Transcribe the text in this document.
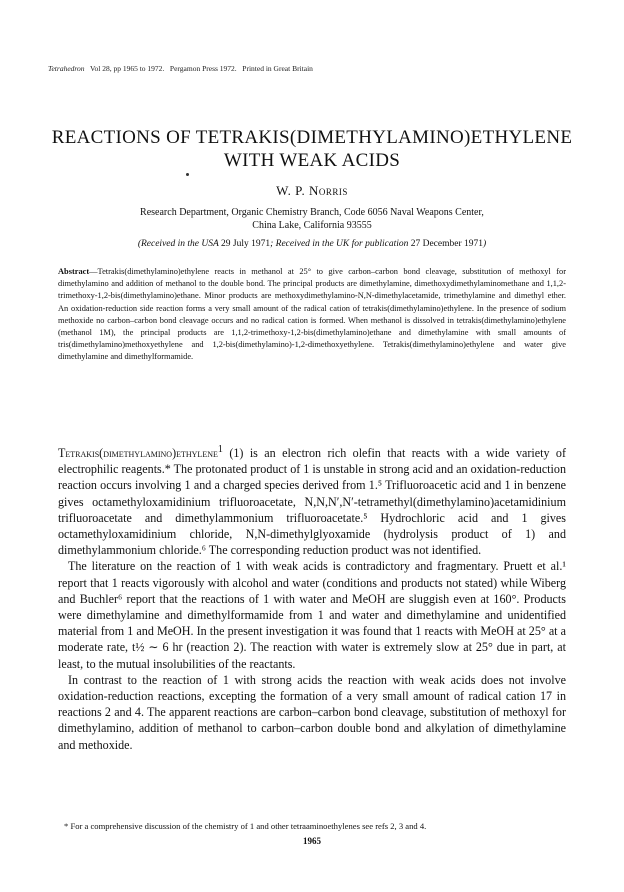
Tetrahedron Vol 28, pp 1965 to 1972. Pergamon Press 1972. Printed in Great Britain
REACTIONS OF TETRAKIS(DIMETHYLAMINO)ETHYLENE
WITH WEAK ACIDS
W. P. Norris
Research Department, Organic Chemistry Branch, Code 6056 Naval Weapons Center,
China Lake, California 93555
(Received in the USA 29 July 1971; Received in the UK for publication 27 December 1971)
Abstract—Tetrakis(dimethylamino)ethylene reacts in methanol at 25° to give carbon–carbon bond cleavage, substitution of methoxyl for dimethylamino and addition of methanol to the double bond. The principal products are dimethylamine, dimethoxydimethylaminomethane and 1,1,2-trimethoxy-1,2-bis(dimethylamino)ethane. Minor products are methoxydimethylamino-N,N-dimethylacetamide, trimethylamine and dimethyl ether. An oxidation-reduction side reaction forms a very small amount of the radical cation of tetrakis(dimethylamino)ethylene. In the presence of sodium methoxide no carbon–carbon bond cleavage occurs and no radical cation is formed. When methanol is dissolved in tetrakis(dimethylamino)ethylene (methanol 1M), the principal products are 1,1,2-trimethoxy-1,2-bis(dimethylamino)ethane and dimethylamine with small amounts of tris(dimethylamino)methoxyethylene and 1,2-bis(dimethylamino)-1,2-dimethoxyethylene. Tetrakis(dimethylamino)ethylene and water give dimethylamine and dimethylformamide.

Tetrakis(dimethylamino)ethylene$^1$ (1) is an electron rich olefin that reacts with a wide variety of electrophilic reagents.* The protonated product of 1 is unstable in strong acid and an oxidation-reduction reaction occurs involving 1 and a charged species derived from 1.⁵ Trifluoroacetic acid and 1 in benzene gives octamethyloxamidinium trifluoroacetate, N,N,N′,N′-tetramethyl(dimethylamino)acetamidinium trifluoroacetate and dimethylammonium trifluoroacetate.⁵ Hydrochloric acid and 1 gives octamethyloxamidinium chloride, N,N-dimethylglyoxamide (hydrolysis product of 1) and dimethylammonium chloride.⁶ The corresponding reduction product was not identified.

The literature on the reaction of 1 with weak acids is contradictory and fragmentary. Pruett et al.¹ report that 1 reacts vigorously with alcohol and water (conditions and products not stated) while Wiberg and Buchler⁶ report that the reactions of 1 with water and MeOH are sluggish even at 160°. Products were dimethylamine and dimethylformamide from 1 and water and dimethylamine and unidentified material from 1 and MeOH. In the present investigation it was found that 1 reacts with MeOH at 25° at a moderate rate, t½ ∼ 6 hr (reaction 2). The reaction with water is extremely slow at 25° due in part, at least, to the mutual insolubilities of the reactants.

In contrast to the reaction of 1 with strong acids the reaction with weak acids does not involve oxidation-reduction reactions, excepting the formation of a very small amount of radical cation 17 in reactions 2 and 4. The apparent reactions are carbon–carbon bond cleavage, substitution of methoxyl for dimethylamino, addition of methanol to carbon–carbon double bond and alkylation of dimethylamine and methoxide.

* For a comprehensive discussion of the chemistry of 1 and other tetraaminoethylenes see refs 2, 3 and 4.
1965
